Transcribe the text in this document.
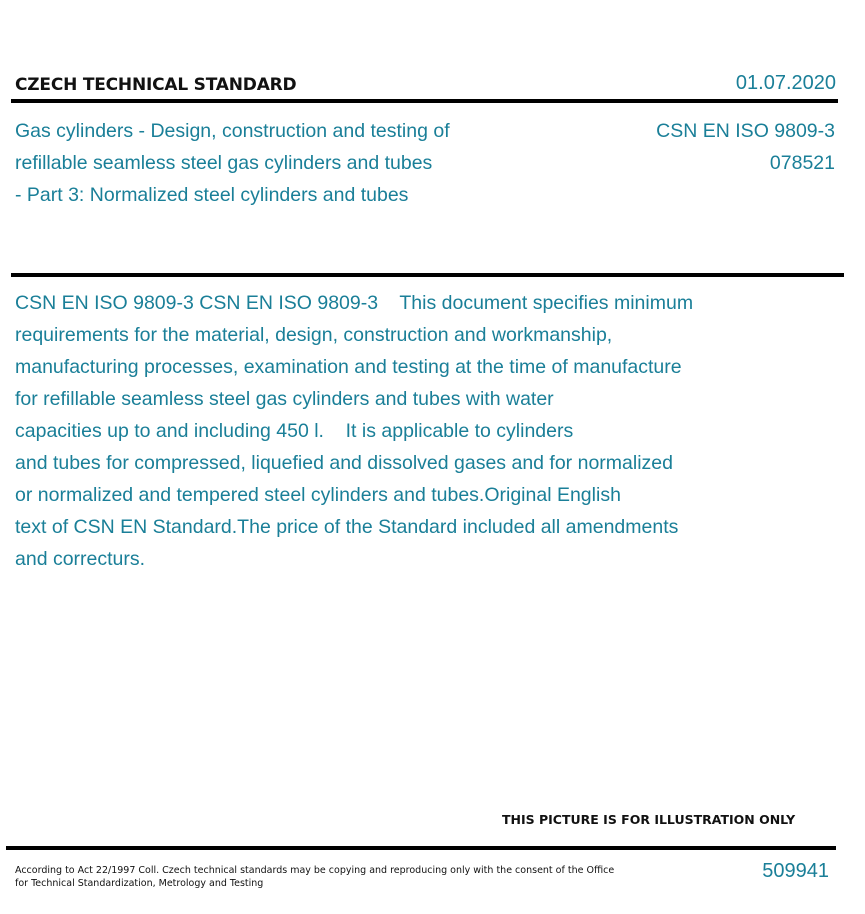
CZECH TECHNICAL STANDARD	01.07.2020
Gas cylinders - Design, construction and testing of
refillable seamless steel gas cylinders and tubes
- Part 3: Normalized steel cylinders and tubes
CSN EN ISO 9809-3
078521
CSN EN ISO 9809-3 CSN EN ISO 9809-3    This document specifies minimum
requirements for the material, design, construction and workmanship,
manufacturing processes, examination and testing at the time of manufacture
for refillable seamless steel gas cylinders and tubes with water
capacities up to and including 450 l.    It is applicable to cylinders
and tubes for compressed, liquefied and dissolved gases and for normalized
or normalized and tempered steel cylinders and tubes.Original English
text of CSN EN Standard.The price of the Standard included all amendments
and correcturs.
THIS PICTURE IS FOR ILLUSTRATION ONLY
According to Act 22/1997 Coll. Czech technical standards may be copying and reproducing only with the consent of the Office
for Technical Standardization, Metrology and Testing
509941
